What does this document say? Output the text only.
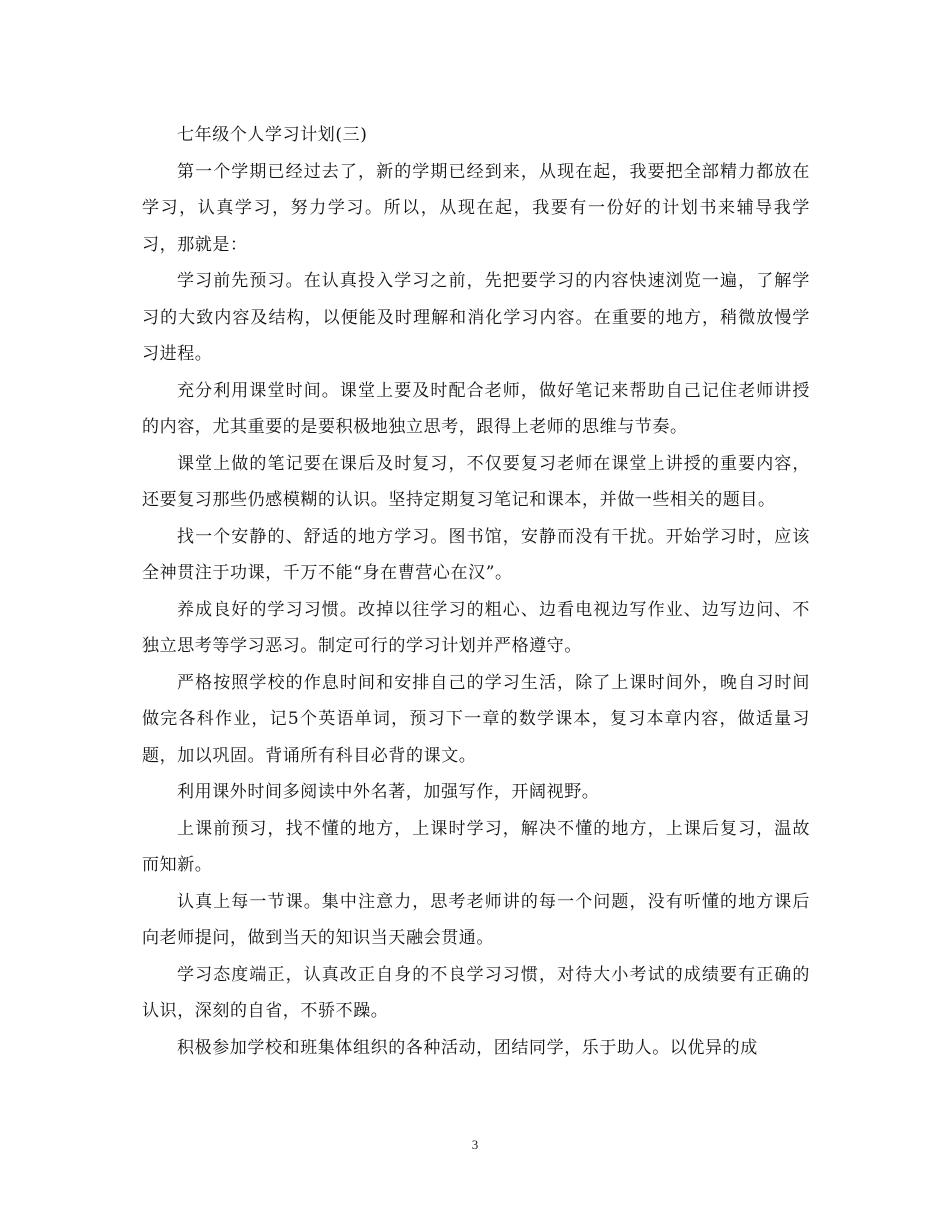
七年级个人学习计划(三)

第一个学期已经过去了，新的学期已经到来，从现在起，我要把全部精力都放在学习，认真学习，努力学习。所以，从现在起，我要有一份好的计划书来辅导我学习，那就是：

学习前先预习。在认真投入学习之前，先把要学习的内容快速浏览一遍，了解学习的大致内容及结构，以便能及时理解和消化学习内容。在重要的地方，稍微放慢学习进程。

充分利用课堂时间。课堂上要及时配合老师，做好笔记来帮助自己记住老师讲授的内容，尤其重要的是要积极地独立思考，跟得上老师的思维与节奏。

课堂上做的笔记要在课后及时复习，不仅要复习老师在课堂上讲授的重要内容，还要复习那些仍感模糊的认识。坚持定期复习笔记和课本，并做一些相关的题目。

找一个安静的、舒适的地方学习。图书馆，安静而没有干扰。开始学习时，应该全神贯注于功课，千万不能“身在曹营心在汉”。

养成良好的学习习惯。改掉以往学习的粗心、边看电视边写作业、边写边问、不独立思考等学习恶习。制定可行的学习计划并严格遵守。

严格按照学校的作息时间和安排自己的学习生活，除了上课时间外，晚自习时间做完各科作业，记5个英语单词，预习下一章的数学课本，复习本章内容，做适量习题，加以巩固。背诵所有科目必背的课文。

利用课外时间多阅读中外名著，加强写作，开阔视野。

上课前预习，找不懂的地方，上课时学习，解决不懂的地方，上课后复习，温故而知新。

认真上每一节课。集中注意力，思考老师讲的每一个问题，没有听懂的地方课后向老师提问，做到当天的知识当天融会贯通。

学习态度端正，认真改正自身的不良学习习惯，对待大小考试的成绩要有正确的认识，深刻的自省，不骄不躁。

积极参加学校和班集体组织的各种活动，团结同学，乐于助人。以优异的成

3
